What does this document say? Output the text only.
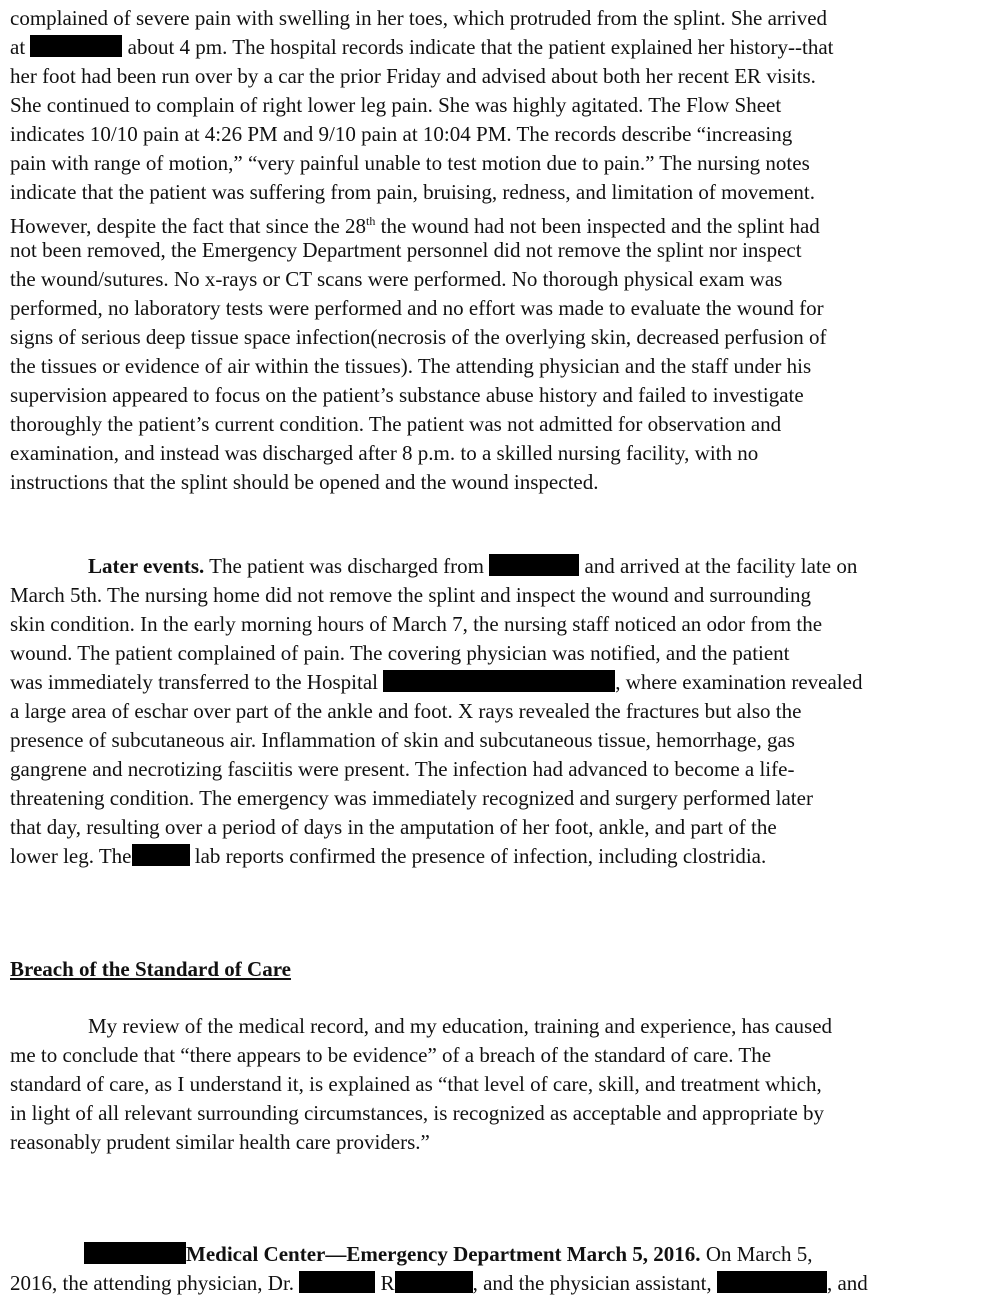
complained of severe pain with swelling in her toes, which protruded from the splint. She arrived
at	about 4 pm. The hospital records indicate that the patient explained her history--that
her foot had been run over by a car the prior Friday and advised about both her recent ER visits.
She continued to complain of right lower leg pain. She was highly agitated. The Flow Sheet
indicates 10/10 pain at 4:26 PM and 9/10 pain at 10:04 PM. The records describe “increasing
pain with range of motion,” “very painful unable to test motion due to pain.” The nursing notes
indicate that the patient was suffering from pain, bruising, redness, and limitation of movement.
However, despite the fact that since the 28th the wound had not been inspected and the splint had
not been removed, the Emergency Department personnel did not remove the splint nor inspect
the wound/sutures. No x-rays or CT scans were performed. No thorough physical exam was
performed, no laboratory tests were performed and no effort was made to evaluate the wound for
signs of serious deep tissue space infection(necrosis of the overlying skin, decreased perfusion of
the tissues or evidence of air within the tissues). The attending physician and the staff under his
supervision appeared to focus on the patient’s substance abuse history and failed to investigate
thoroughly the patient’s current condition. The patient was not admitted for observation and
examination, and instead was discharged after 8 p.m. to a skilled nursing facility, with no
instructions that the splint should be opened and the wound inspected.
Later events. The patient was discharged from	and arrived at the facility late on
March 5th. The nursing home did not remove the splint and inspect the wound and surrounding
skin condition. In the early morning hours of March 7, the nursing staff noticed an odor from the
wound. The patient complained of pain. The covering physician was notified, and the patient
was immediately transferred to the Hospital	, where examination revealed
a large area of eschar over part of the ankle and foot. X rays revealed the fractures but also the
presence of subcutaneous air. Inflammation of skin and subcutaneous tissue, hemorrhage, gas
gangrene and necrotizing fasciitis were present. The infection had advanced to become a life-
threatening condition. The emergency was immediately recognized and surgery performed later
that day, resulting over a period of days in the amputation of her foot, ankle, and part of the
lower leg. The	lab reports confirmed the presence of infection, including clostridia.
Breach of the Standard of Care
My review of the medical record, and my education, training and experience, has caused
me to conclude that “there appears to be evidence” of a breach of the standard of care. The
standard of care, as I understand it, is explained as “that level of care, skill, and treatment which,
in light of all relevant surrounding circumstances, is recognized as acceptable and appropriate by
reasonably prudent similar health care providers.”
Medical Center—Emergency Department March 5, 2016. On March 5,
2016, the attending physician, Dr.	R	, and the physician assistant,	, and
